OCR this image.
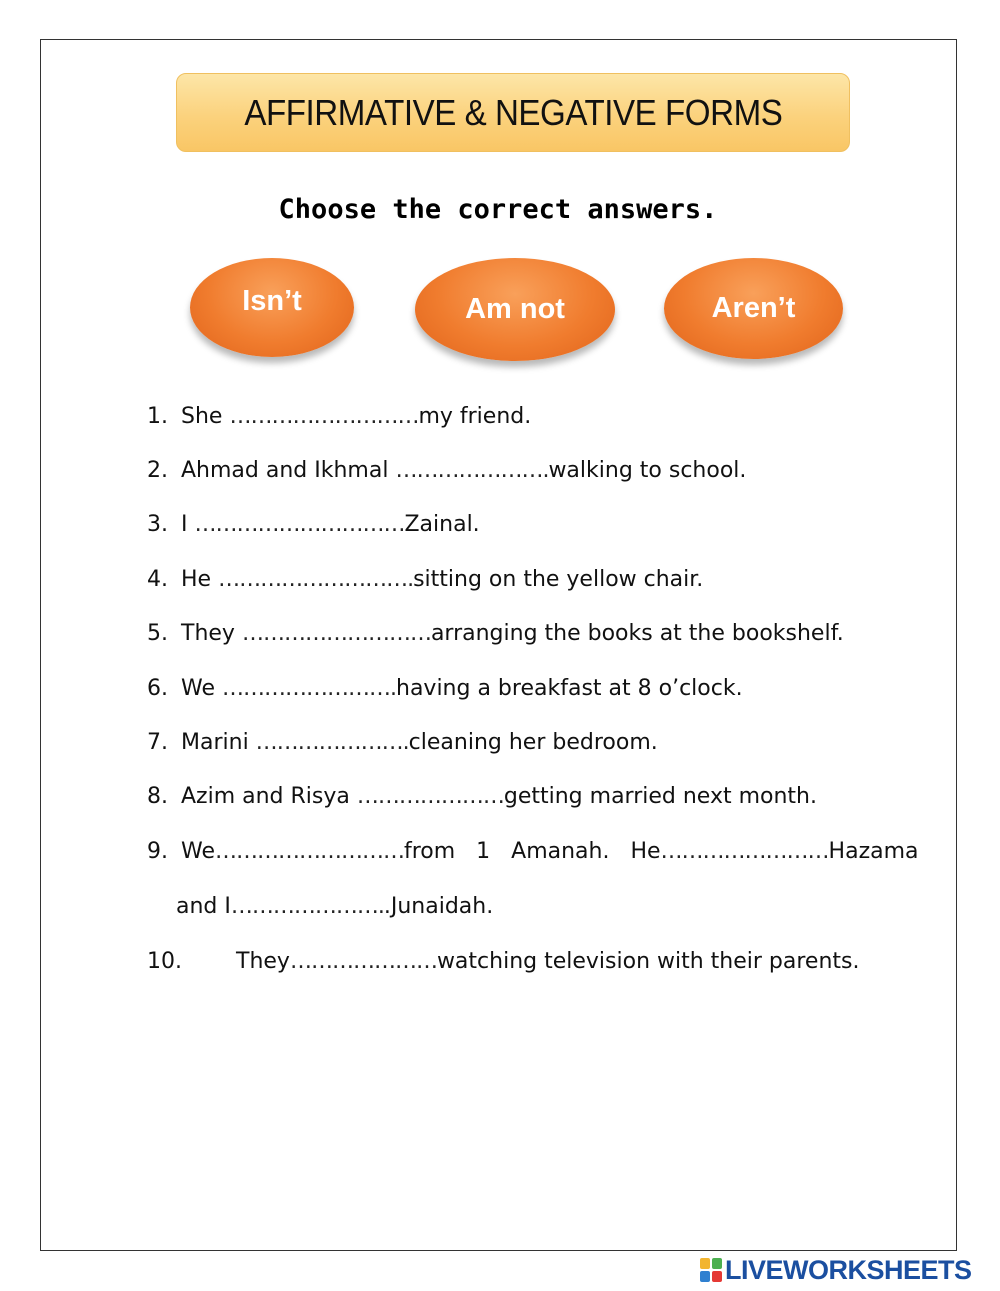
AFFIRMATIVE & NEGATIVE FORMS
Choose the correct answers.
Isn’t	Am not	Aren’t
1. She ………………………my friend.
2. Ahmad and Ikhmal ………………….walking to school.
3. I …………………………Zainal.
4. He ……………………….sitting on the yellow chair.
5. They ………………………arranging the books at the bookshelf.
6. We …………………….having a breakfast at 8 o’clock.
7. Marini ………………….cleaning her bedroom.
8. Azim and Risya …………………getting married next month.
9. We………………………from   1   Amanah.   He……………………Hazama
and I…………………..Junaidah.
10. They…………………watching television with their parents.
LIVEWORKSHEETS
